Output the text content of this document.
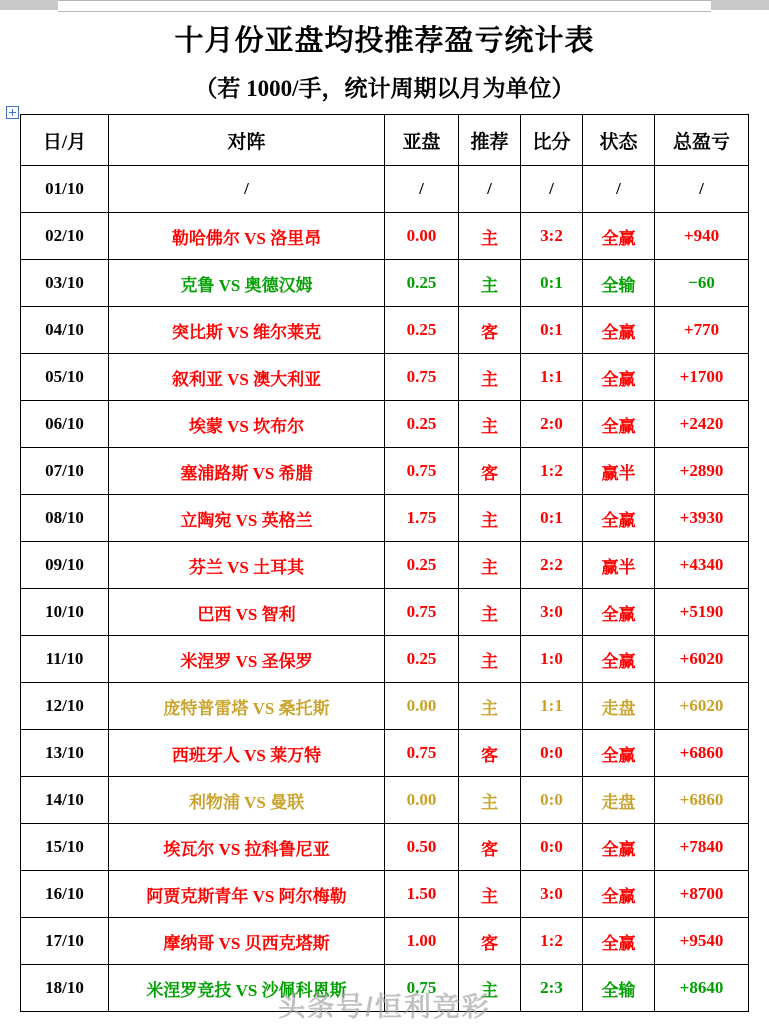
十月份亚盘均投推荐盈亏统计表
（若 1000/手，统计周期以月为单位）
日/月	对阵	亚盘	推荐	比分	状态	总盈亏
01/10	/	/	/	/	/	/
02/10	勒哈佛尔 VS 洛里昂	0.00	主	3:2	全赢	+940
03/10	克鲁 VS 奥德汉姆	0.25	主	0:1	全输	−60
04/10	突比斯 VS 维尔莱克	0.25	客	0:1	全赢	+770
05/10	叙利亚 VS 澳大利亚	0.75	主	1:1	全赢	+1700
06/10	埃蒙 VS 坎布尔	0.25	主	2:0	全赢	+2420
07/10	塞浦路斯 VS 希腊	0.75	客	1:2	赢半	+2890
08/10	立陶宛 VS 英格兰	1.75	主	0:1	全赢	+3930
09/10	芬兰 VS 土耳其	0.25	主	2:2	赢半	+4340
10/10	巴西 VS 智利	0.75	主	3:0	全赢	+5190
11/10	米涅罗 VS 圣保罗	0.25	主	1:0	全赢	+6020
12/10	庞特普雷塔 VS 桑托斯	0.00	主	1:1	走盘	+6020
13/10	西班牙人 VS 莱万特	0.75	客	0:0	全赢	+6860
14/10	利物浦 VS 曼联	0.00	主	0:0	走盘	+6860
15/10	埃瓦尔 VS 拉科鲁尼亚	0.50	客	0:0	全赢	+7840
16/10	阿贾克斯青年 VS 阿尔梅勒	1.50	主	3:0	全赢	+8700
17/10	摩纳哥 VS 贝西克塔斯	1.00	客	1:2	全赢	+9540
18/10	米涅罗竞技 VS 沙佩科恩斯	0.75	主	2:3	全输	+8640
头条号/恒利竞彩
